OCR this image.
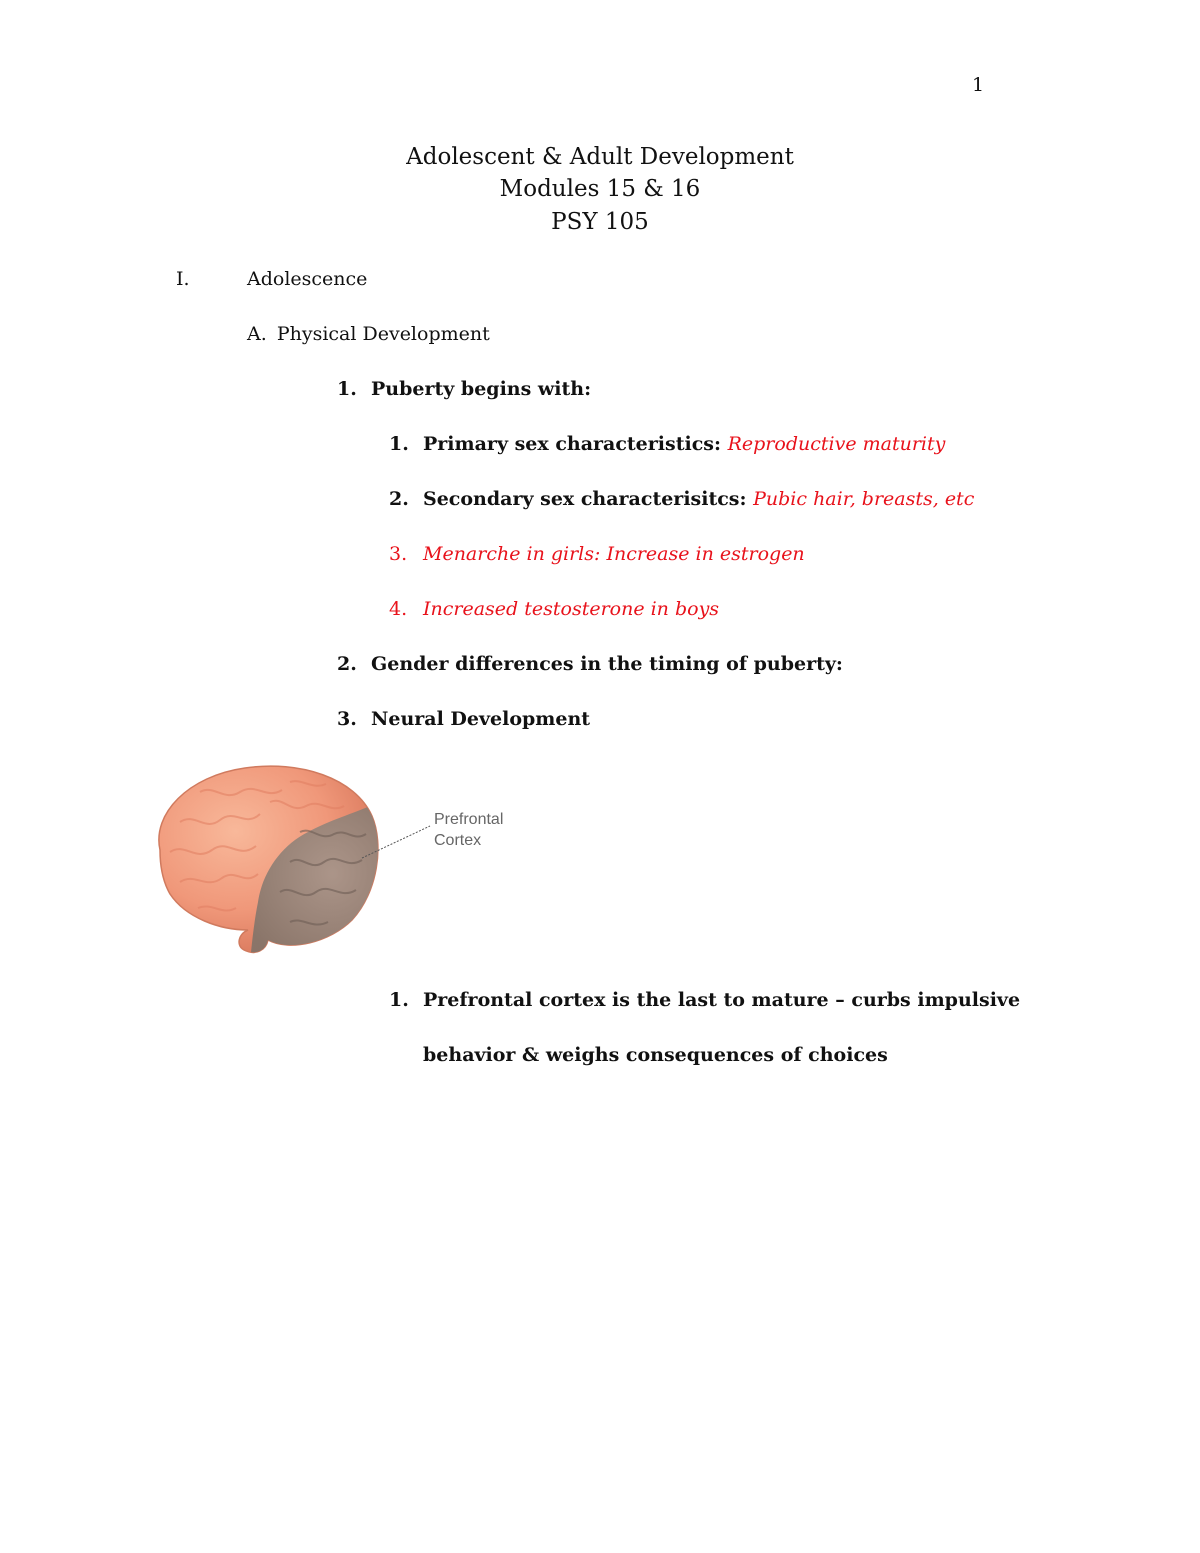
1
Adolescent & Adult Development
Modules 15 & 16
PSY 105
I.	Adolescence
A. Physical Development
1. Puberty begins with:
1. Primary sex characteristics: Reproductive maturity
2. Secondary sex characterisitcs: Pubic hair, breasts, etc
3. Menarche in girls: Increase in estrogen
4. Increased testosterone in boys
2. Gender differences in the timing of puberty:
3. Neural Development
Prefrontal
Cortex
1. Prefrontal cortex is the last to mature – curbs impulsive
behavior & weighs consequences of choices
